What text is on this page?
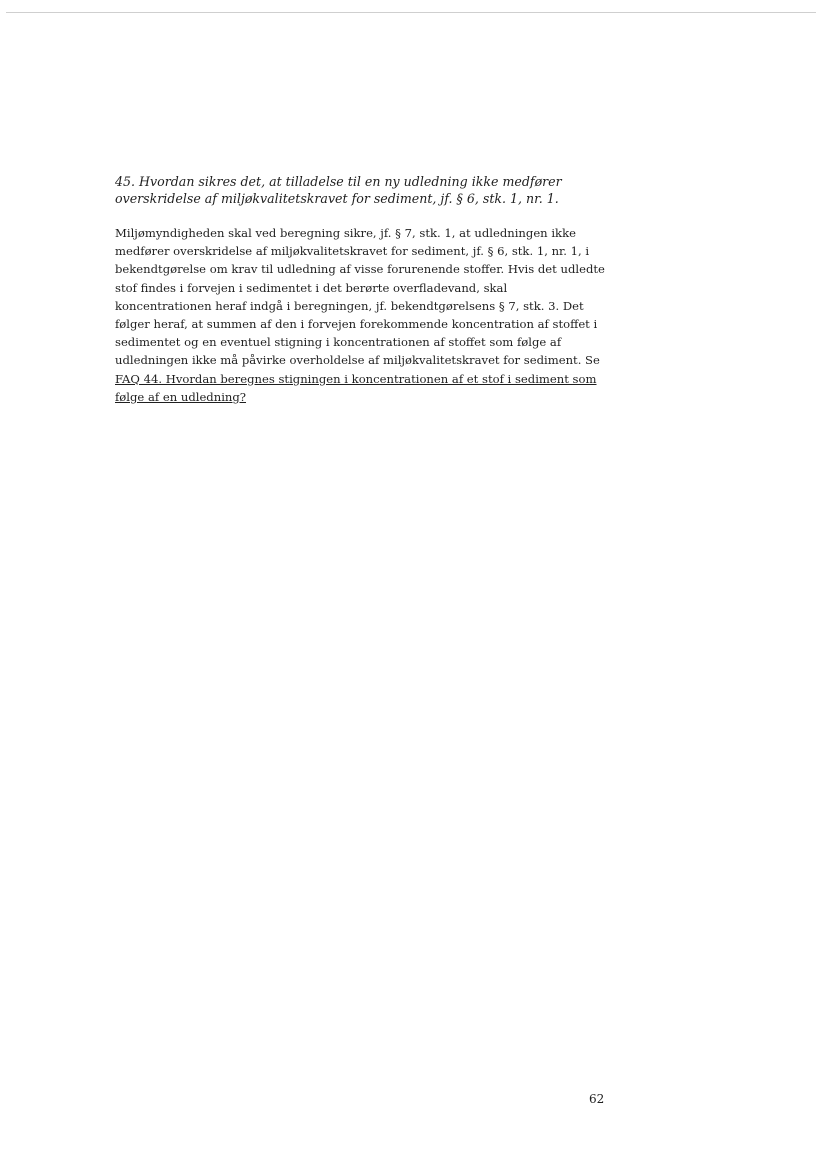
45. Hvordan sikres det, at tilladelse til en ny udledning ikke medfører overskridelse af miljøkvalitetskravet for sediment, jf. § 6, stk. 1, nr. 1.

Miljømyndigheden skal ved beregning sikre, jf. § 7, stk. 1, at udledningen ikke medfører overskridelse af miljøkvalitetskravet for sediment, jf. § 6, stk. 1, nr. 1, i bekendtgørelse om krav til udledning af visse forurenende stoffer. Hvis det udledte stof findes i forvejen i sedimentet i det berørte overfladevand, skal koncentrationen heraf indgå i beregningen, jf. bekendtgørelsens § 7, stk. 3. Det følger heraf, at summen af den i forvejen forekommende koncentration af stoffet i sedimentet og en eventuel stigning i koncentrationen af stoffet som følge af udledningen ikke må påvirke overholdelse af miljøkvalitetskravet for sediment. Se FAQ 44. Hvordan beregnes stigningen i koncentrationen af et stof i sediment som følge af en udledning?

62
